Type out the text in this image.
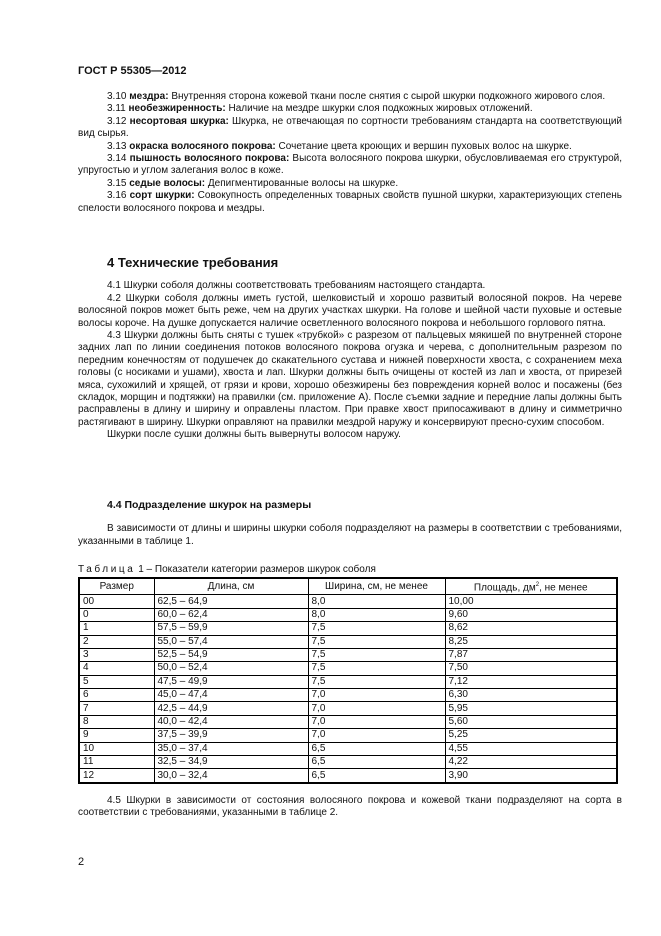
ГОСТ Р 55305—2012

3.10 мездра: Внутренняя сторона кожевой ткани после снятия с сырой шкурки подкожного жирового слоя.

3.11 необезжиренность: Наличие на мездре шкурки слоя подкожных жировых отложений.

3.12 несортовая шкурка: Шкурка, не отвечающая по сортности требованиям стандарта на соответствующий вид сырья.

3.13 окраска волосяного покрова: Сочетание цвета кроющих и вершин пуховых волос на шкурке.

3.14 пышность волосяного покрова: Высота волосяного покрова шкурки, обусловливаемая его структурой, упругостью и углом залегания волос в коже.

3.15 седые волосы: Депигментированные волосы на шкурке.

3.16 сорт шкурки: Совокупность определенных товарных свойств пушной шкурки, характеризующих степень спелости волосяного покрова и мездры.

4 Технические требования

4.1 Шкурки соболя должны соответствовать требованиям настоящего стандарта.

4.2 Шкурки соболя должны иметь густой, шелковистый и хорошо развитый волосяной покров. На череве волосяной покров может быть реже, чем на других участках шкурки. На голове и шейной части пуховые и остевые волосы короче. На душке допускается наличие осветленного волосяного покрова и небольшого горлового пятна.

4.3 Шкурки должны быть сняты с тушек «трубкой» с разрезом от пальцевых мякишей по внутренней стороне задних лап по линии соединения потоков волосяного покрова огузка и черева, с дополнительным разрезом по передним конечностям от подушечек до скакательного сустава и нижней поверхности хвоста, с сохранением меха головы (с носиками и ушами), хвоста и лап. Шкурки должны быть очищены от костей из лап и хвоста, от прирезей мяса, сухожилий и хрящей, от грязи и крови, хорошо обезжирены без повреждения корней волос и посажены (без складок, морщин и подтяжки) на правилки (см. приложение А). После съемки задние и передние лапы должны быть расправлены в длину и ширину и оправлены пластом. При правке хвост припосаживают в длину и симметрично растягивают в ширину. Шкурки оправляют на правилки мездрой наружу и консервируют пресно-сухим способом.

Шкурки после сушки должны быть вывернуты волосом наружу.

4.4 Подразделение шкурок на размеры

В зависимости от длины и ширины шкурки соболя подразделяют на размеры в соответствии с требованиями, указанными в таблице 1.

Таблица 1 – Показатели категории размеров шкурок соболя
Размер	Длина, см	Ширина, см, не менее	Площадь, $дм^2$, не менее
00	62,5 – 64,9	8,0	10,00
0	60,0 – 62,4	8,0	9,60
1	57,5 – 59,9	7,5	8,62
2	55,0 – 57,4	7,5	8,25
3	52,5 – 54,9	7,5	7,87
4	50,0 – 52,4	7,5	7,50
5	47,5 – 49,9	7,5	7,12
6	45,0 – 47,4	7,0	6,30
7	42,5 – 44,9	7,0	5,95
8	40,0 – 42,4	7,0	5,60
9	37,5 – 39,9	7,0	5,25
10	35,0 – 37,4	6,5	4,55
11	32,5 – 34,9	6,5	4,22
12	30,0 – 32,4	6,5	3,90

4.5 Шкурки в зависимости от состояния волосяного покрова и кожевой ткани подразделяют на сорта в соответствии с требованиями, указанными в таблице 2.

2
